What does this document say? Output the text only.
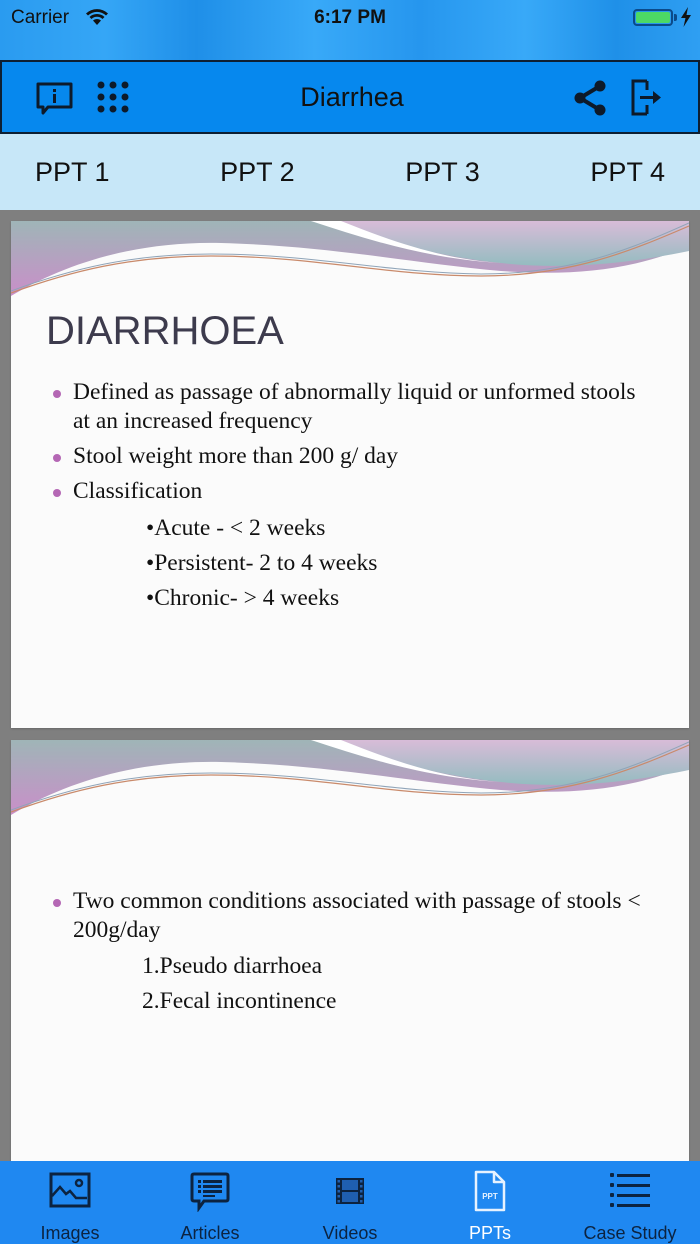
Carrier	6:17 PM
Diarrhea
PPT 1	PPT 2	PPT 3	PPT 4
DIARRHOEA
Defined as passage of abnormally liquid or unformed stools at an increased frequency
Stool weight more than 200 g/ day
Classification
•Acute - < 2 weeks
•Persistent- 2 to 4 weeks
•Chronic- > 4 weeks
Two common conditions associated with passage of stools < 200g/day
1.Pseudo diarrhoea
2.Fecal incontinence
Images	Articles	Videos
PPT
PPTs	Case Study
